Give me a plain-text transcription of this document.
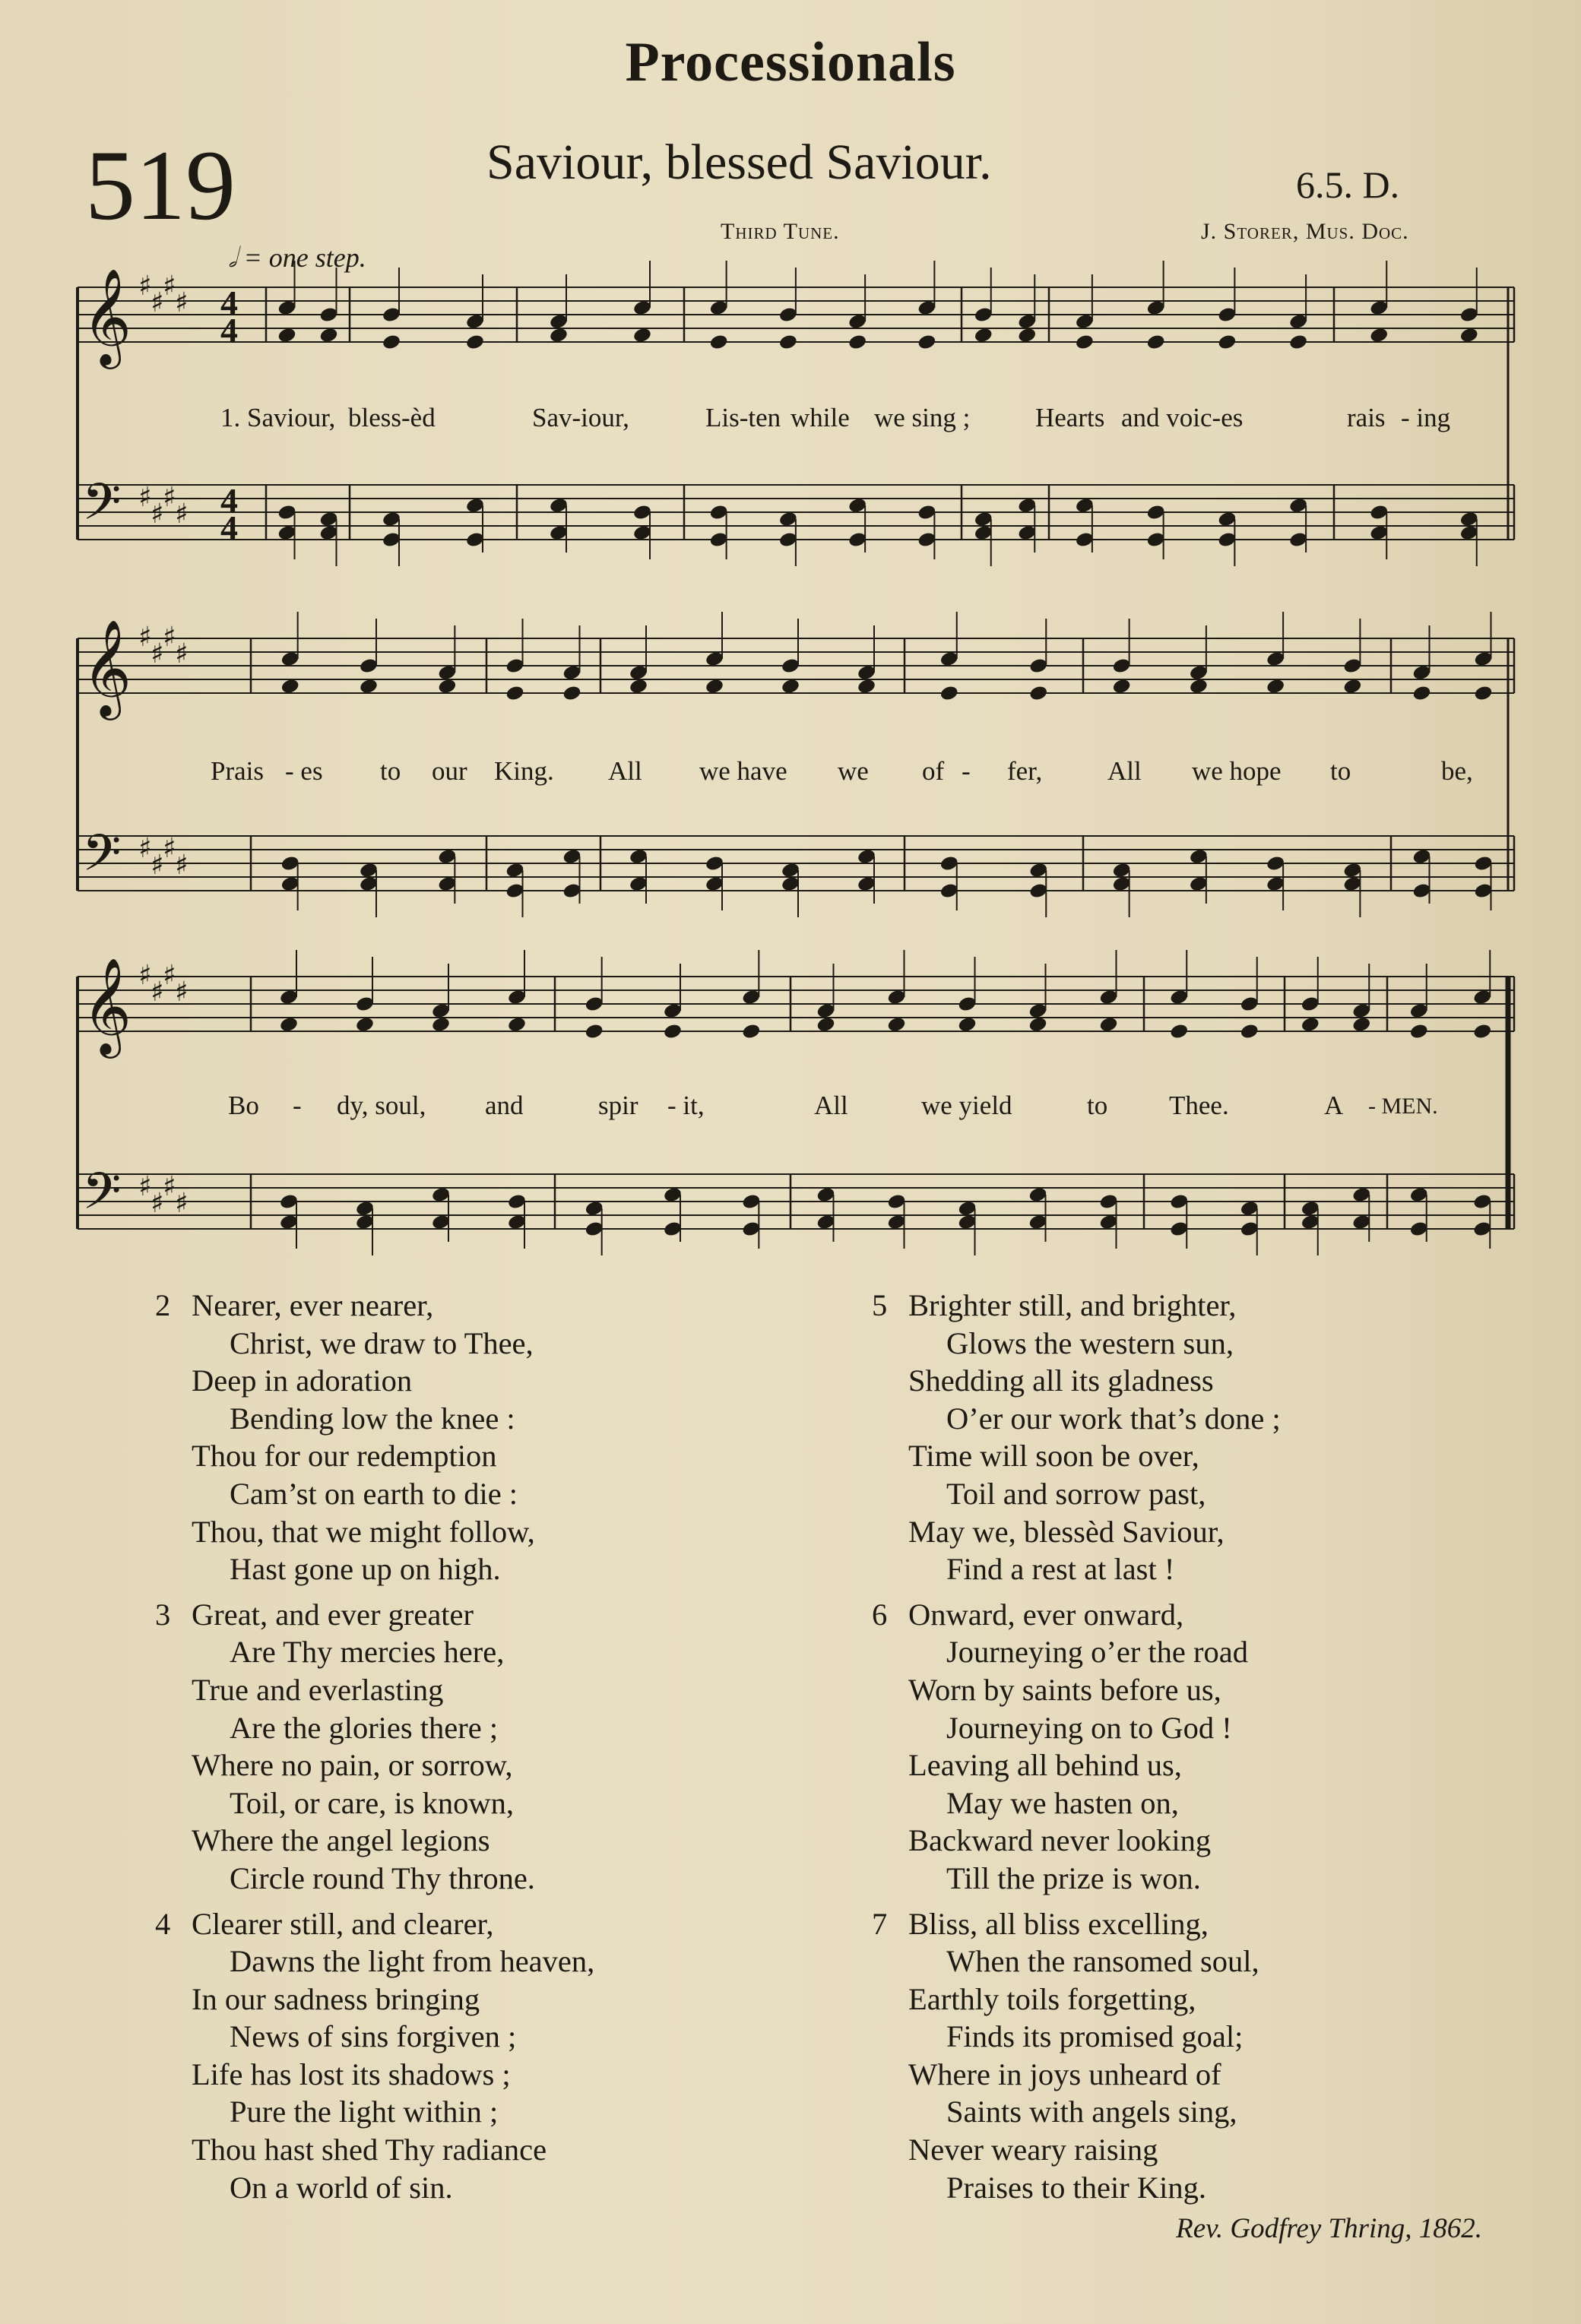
Processionals
519	Saviour, blessed Saviour.	6.5. D.
Third Tune.	J. Storer, Mus. Doc.
𝅗𝅥 = one step.
𝄞 ♯
♯
♯
♯
𝄢 ♯
♯
♯
♯
4
4
4
4
𝄞 ♯
♯
♯
♯
𝄢 ♯
♯
♯
♯
𝄞 ♯
♯
♯
♯
𝄢 ♯
♯
♯
♯
1. Saviour, bless-èd	Sav-iour,	Lis-ten while we sing ; Hearts and voic-es	rais - ing
Prais - es to our King. All we have we of - fer, All we hope to	be,
Bo - dy, soul, and	spir - it,	All	we yield	to Thee.	A - MEN.
2 Nearer, ever nearer,
Christ, we draw to Thee,
Deep in adoration
Bending low the knee :
Thou for our redemption
Cam’st on earth to die :
Thou, that we might follow,
Hast gone up on high.
3 Great, and ever greater
Are Thy mercies here,
True and everlasting
Are the glories there ;
Where no pain, or sorrow,
Toil, or care, is known,
Where the angel legions
Circle round Thy throne.
4 Clearer still, and clearer,
Dawns the light from heaven,
In our sadness bringing
News of sins forgiven ;
Life has lost its shadows ;
Pure the light within ;
Thou hast shed Thy radiance
On a world of sin.
5 Brighter still, and brighter,
Glows the western sun,
Shedding all its gladness
O’er our work that’s done ;
Time will soon be over,
Toil and sorrow past,
May we, blessèd Saviour,
Find a rest at last !
6 Onward, ever onward,
Journeying o’er the road
Worn by saints before us,
Journeying on to God !
Leaving all behind us,
May we hasten on,
Backward never looking
Till the prize is won.
7 Bliss, all bliss excelling,
When the ransomed soul,
Earthly toils forgetting,
Finds its promised goal;
Where in joys unheard of
Saints with angels sing,
Never weary raising
Praises to their King.
Rev. Godfrey Thring, 1862.
